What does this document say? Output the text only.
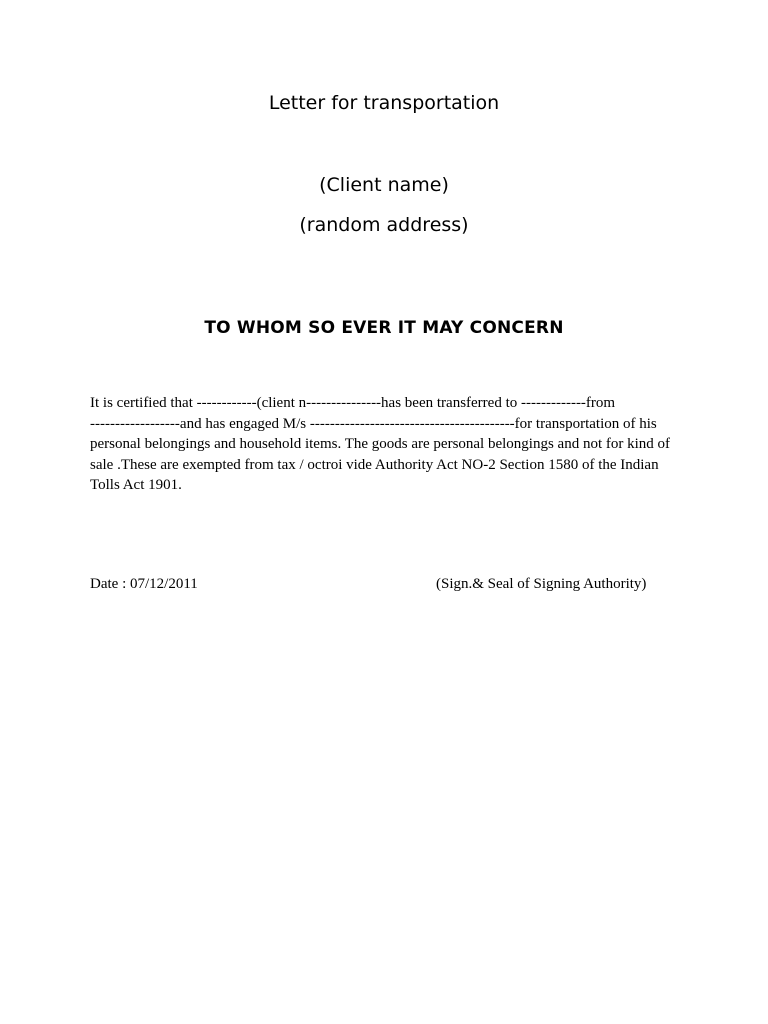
Letter for transportation

(Client name)

(random address)

TO WHOM SO EVER IT MAY CONCERN

It is certified that ------------(client n---------------has been transferred to -------------from
------------------and has engaged M/s -----------------------------------------for transportation of his
personal belongings and household items. The goods are personal belongings and not for kind of
sale .These are exempted from tax / octroi vide Authority Act NO-2 Section 1580 of the Indian
Tolls Act 1901.

Date : 07/12/2011	(Sign.& Seal of Signing Authority)
